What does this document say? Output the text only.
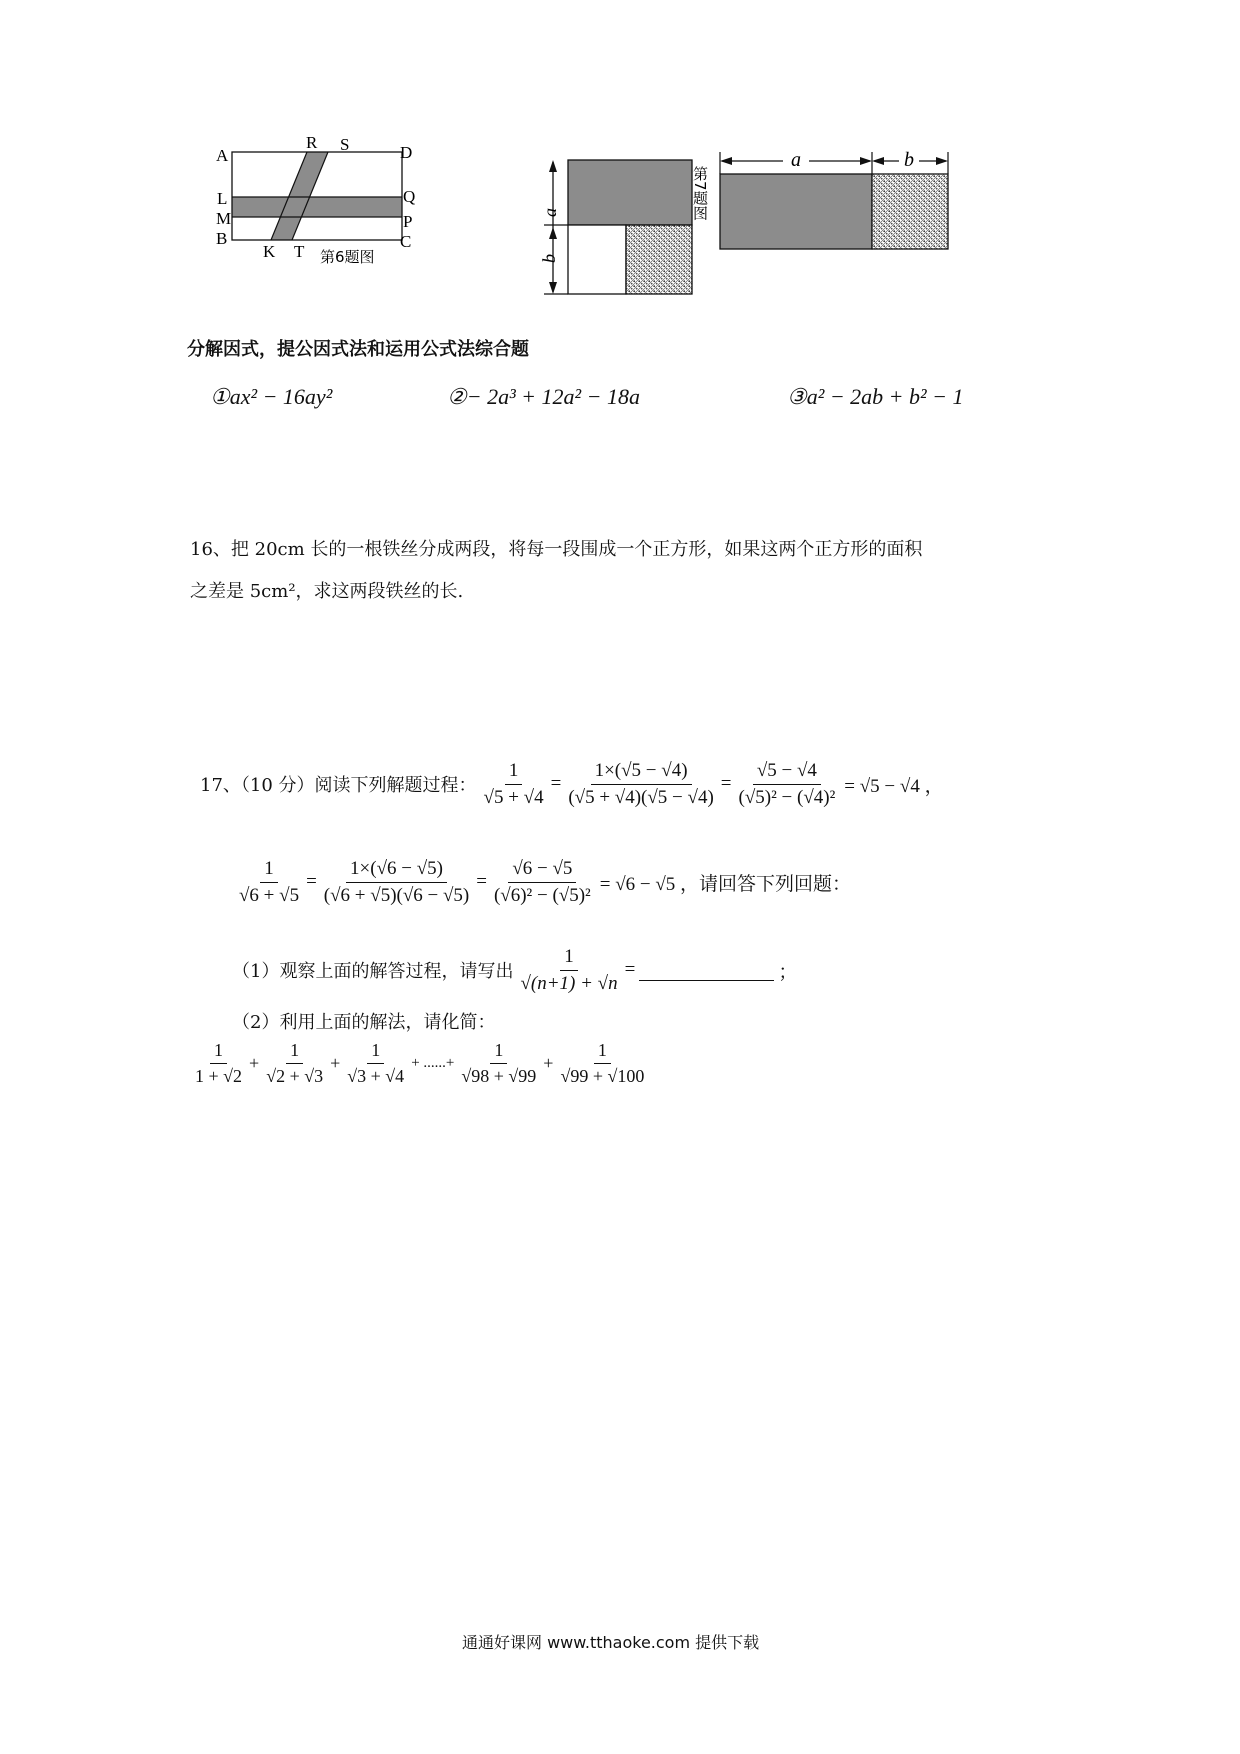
A
R S	D
L	Q
M	P
B
K T
C
第6题图
a
b
第7题图
a	b
分解因式，提公因式法和运用公式法综合题
①ax² − 16ay²	②− 2a³ + 12a² − 18a	③a² − 2ab + b² − 1
16、把 20cm 长的一根铁丝分成两段，将每一段围成一个正方形，如果这两个正方形的面积
之差是 5cm²，求这两段铁丝的长.
17、（10 分）阅读下列解题过程： $\frac{1}{√5 + √4} = \frac{1\times(√5 - √4)}{(√5 + √4)(√5 - √4)} = \frac{√5 - √4}{\text{(√5)² − (√4)²}} = √5 - √4$ ，
$\frac{1}{√6 + √5} = \frac{1\times(√6 - √5)}{(√6 + √5)(√6 - √5)} = \frac{√6 - √5}{\text{(√6)² − (√5)²}} = √6 - √5$ ，请回答下列回题：
（1）观察上面的解答过程，请写出 $\frac{1}{√(n+1) + √n}$ =	；
（2）利用上面的解法，请化简：
$\frac{1}{1 + √2} + \frac{1}{√2 + √3} + \frac{1}{√3 + √4}$ + ......+ $\frac{1}{√98 + √99} + \frac{1}{√99 + √100}$
通通好课网 www.tthaoke.com 提供下载
